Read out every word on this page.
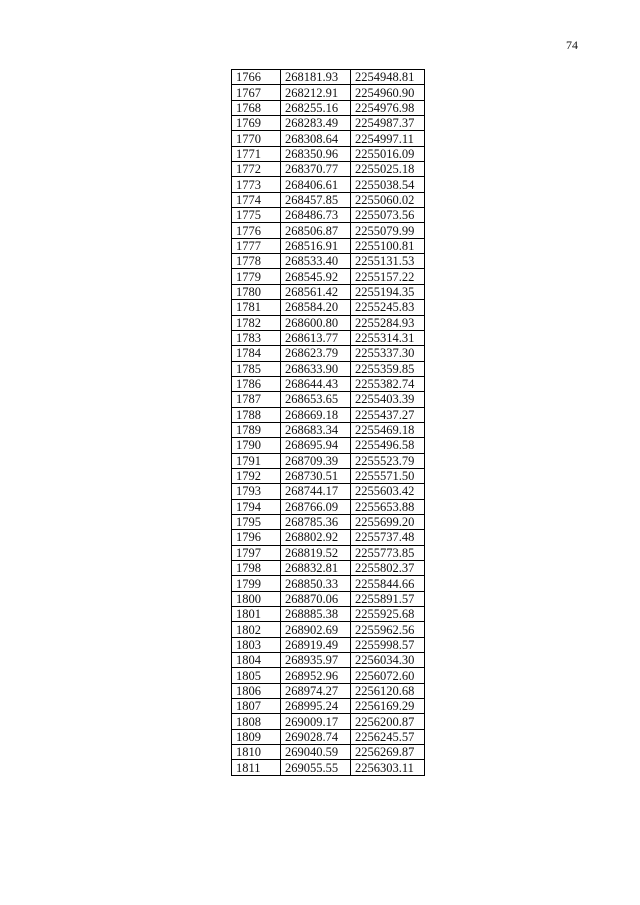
74
1766	268181.93	2254948.81
1767	268212.91	2254960.90
1768	268255.16	2254976.98
1769	268283.49	2254987.37
1770	268308.64	2254997.11
1771	268350.96	2255016.09
1772	268370.77	2255025.18
1773	268406.61	2255038.54
1774	268457.85	2255060.02
1775	268486.73	2255073.56
1776	268506.87	2255079.99
1777	268516.91	2255100.81
1778	268533.40	2255131.53
1779	268545.92	2255157.22
1780	268561.42	2255194.35
1781	268584.20	2255245.83
1782	268600.80	2255284.93
1783	268613.77	2255314.31
1784	268623.79	2255337.30
1785	268633.90	2255359.85
1786	268644.43	2255382.74
1787	268653.65	2255403.39
1788	268669.18	2255437.27
1789	268683.34	2255469.18
1790	268695.94	2255496.58
1791	268709.39	2255523.79
1792	268730.51	2255571.50
1793	268744.17	2255603.42
1794	268766.09	2255653.88
1795	268785.36	2255699.20
1796	268802.92	2255737.48
1797	268819.52	2255773.85
1798	268832.81	2255802.37
1799	268850.33	2255844.66
1800	268870.06	2255891.57
1801	268885.38	2255925.68
1802	268902.69	2255962.56
1803	268919.49	2255998.57
1804	268935.97	2256034.30
1805	268952.96	2256072.60
1806	268974.27	2256120.68
1807	268995.24	2256169.29
1808	269009.17	2256200.87
1809	269028.74	2256245.57
1810	269040.59	2256269.87
1811	269055.55	2256303.11
